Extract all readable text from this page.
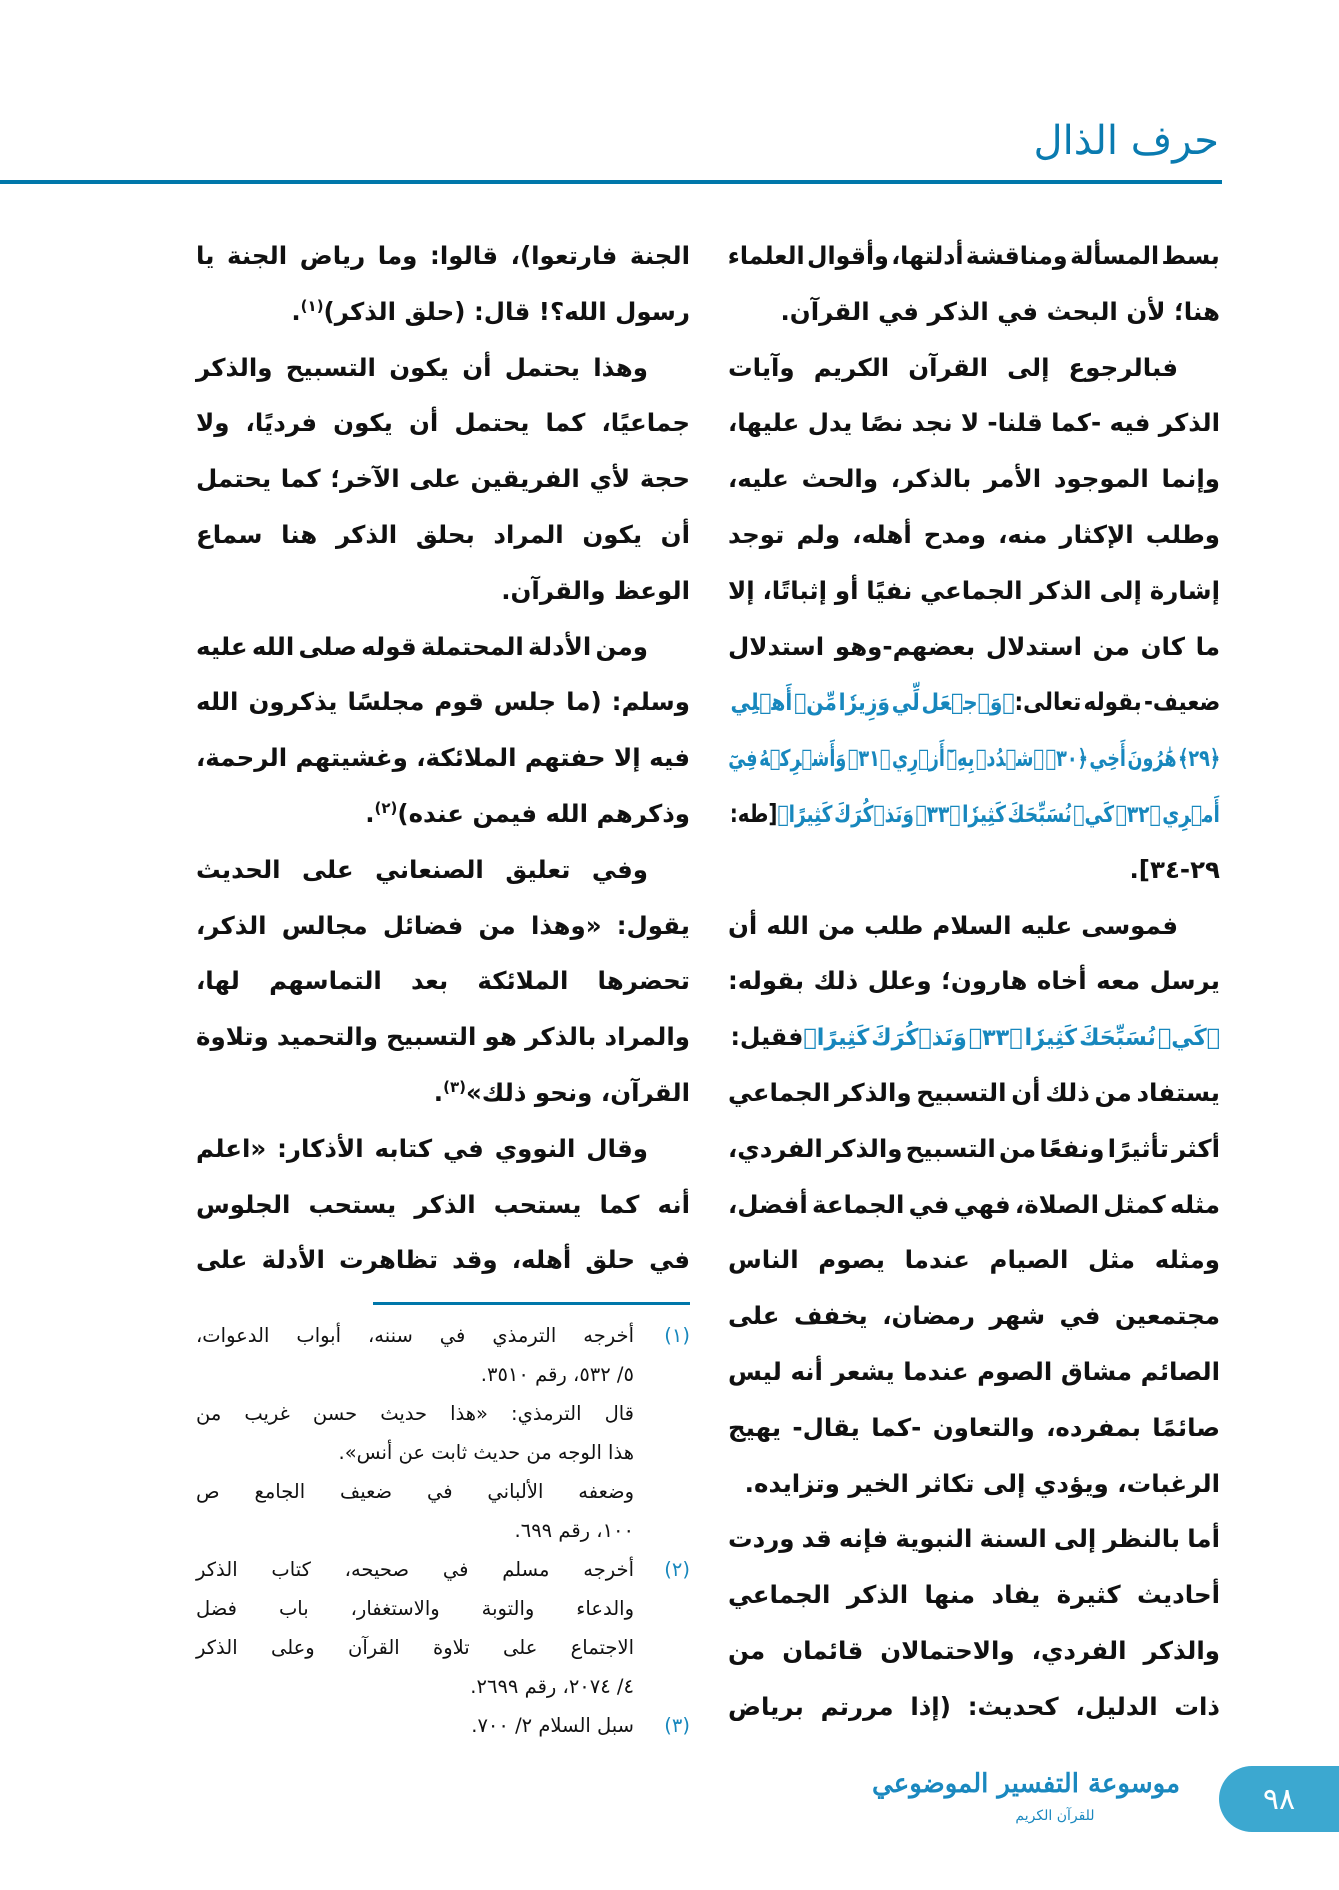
حرف الذال
بسط المسألة ومناقشة أدلتها، وأقوال العلماء
هنا؛ لأن البحث في الذكر في القرآن.
فبالرجوع إلى القرآن الكريم وآيات
الذكر فيه -كما قلنا- لا نجد نصًا يدل عليها،
وإنما الموجود الأمر بالذكر، والحث عليه،
وطلب الإكثار منه، ومدح أهله، ولم توجد
إشارة إلى الذكر الجماعي نفيًا أو إثباتًا، إلا
ما كان من استدلال بعضهم-وهو استدلال
ضعيف- بقوله تعالى:﴿وَٱجۡعَل لِّي وَزِيرٗا مِّنۡ أَهۡلِي
﴿٢٩﴾ هَٰرُونَ أَخِي ﴿٣٠﴾ ٱشۡدُدۡ بِهِۦٓ أَزۡرِي ﴿٣١﴾ وَأَشۡرِكۡهُ فِيٓ
أَمۡرِي ﴿٣٢﴾ كَيۡ نُسَبِّحَكَ كَثِيرٗا ﴿٣٣﴾ وَنَذۡكُرَكَ كَثِيرًا﴾[طه:
٢٩-٣٤].
فموسى عليه السلام طلب من الله أن
يرسل معه أخاه هارون؛ وعلل ذلك بقوله:
﴿كَيۡ نُسَبِّحَكَ كَثِيرٗا ﴿٣٣﴾ وَنَذۡكُرَكَ كَثِيرًا﴾فقيل:
يستفاد من ذلك أن التسبيح والذكر الجماعي
أكثر تأثيرًا ونفعًا من التسبيح والذكر الفردي،
مثله كمثل الصلاة، فهي في الجماعة أفضل،
ومثله مثل الصيام عندما يصوم الناس
مجتمعين في شهر رمضان، يخفف على
الصائم مشاق الصوم عندما يشعر أنه ليس
صائمًا بمفرده، والتعاون -كما يقال- يهيج
الرغبات، ويؤدي إلى تكاثر الخير وتزايده.
أما بالنظر إلى السنة النبوية فإنه قد وردت
أحاديث كثيرة يفاد منها الذكر الجماعي
والذكر الفردي، والاحتمالان قائمان من
ذات الدليل، كحديث: (إذا مررتم برياض
الجنة فارتعوا)، قالوا: وما رياض الجنة يا
رسول الله؟! قال: (حلق الذكر)$^{(١)}$.
وهذا يحتمل أن يكون التسبيح والذكر
جماعيًا، كما يحتمل أن يكون فرديًا، ولا
حجة لأي الفريقين على الآخر؛ كما يحتمل
أن يكون المراد بحلق الذكر هنا سماع
الوعظ والقرآن.
ومن الأدلة المحتملة قوله صلى الله عليه
وسلم: (ما جلس قوم مجلسًا يذكرون الله
فيه إلا حفتهم الملائكة، وغشيتهم الرحمة،
وذكرهم الله فيمن عنده)$^{(٢)}$.
وفي تعليق الصنعاني على الحديث
يقول: «وهذا من فضائل مجالس الذكر،
تحضرها الملائكة بعد التماسهم لها،
والمراد بالذكر هو التسبيح والتحميد وتلاوة
القرآن، ونحو ذلك»$^{(٣)}$.
وقال النووي في كتابه الأذكار: «اعلم
أنه كما يستحب الذكر يستحب الجلوس
في حلق أهله، وقد تظاهرت الأدلة على
(١)
أخرجه الترمذي في سننه، أبواب الدعوات،
٥/ ٥٣٢، رقم ٣٥١٠.
قال الترمذي: «هذا حديث حسن غريب من
هذا الوجه من حديث ثابت عن أنس».
وضعفه الألباني في ضعيف الجامع ص
١٠٠، رقم ٦٩٩.
(٢)
أخرجه مسلم في صحيحه، كتاب الذكر
والدعاء والتوبة والاستغفار، باب فضل
الاجتماع على تلاوة القرآن وعلى الذكر
٤/ ٢٠٧٤، رقم ٢٦٩٩.
(٣)
سبل السلام ٢/ ٧٠٠.
موسوعة التفسير الموضوعي
للقرآن الكريم	٩٨
